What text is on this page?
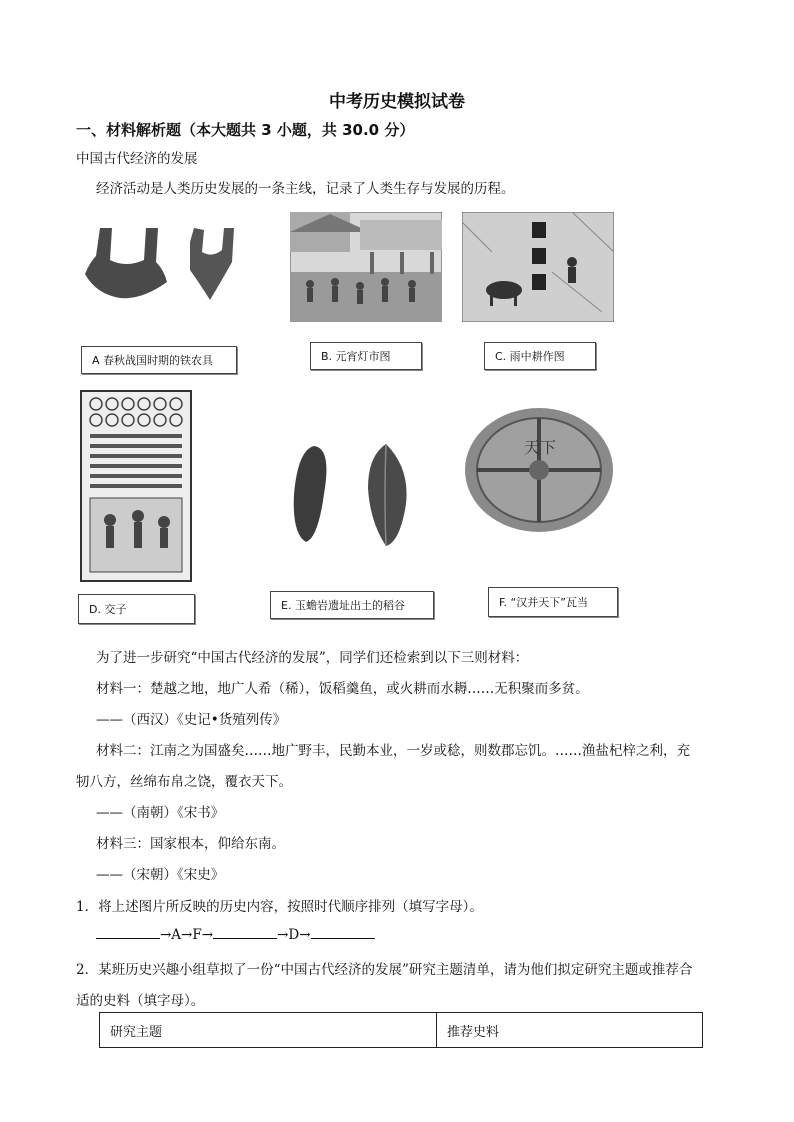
中考历史模拟试卷
一、材料解析题（本大题共 3 小题，共 30.0 分）
中国古代经济的发展
经济活动是人类历史发展的一条主线，记录了人类生存与发展的历程。
A 春秋战国时期的铁农具	B. 元宵灯市图	C. 雨中耕作图
D. 交子	E. 玉蟾岩遗址出土的稻谷
天下
F. “汉并天下”瓦当
为了进一步研究“中国古代经济的发展”，同学们还检索到以下三则材料：
材料一：楚越之地，地广人希（稀），饭稻羹鱼，或火耕而水耨……无积聚而多贫。
——（西汉）《史记•货殖列传》
材料二：江南之为国盛矣……地广野丰，民勤本业，一岁或稔，则数郡忘饥。……渔盐杞梓之利，充
牣八方，丝绵布帛之饶，覆衣天下。
——（南朝）《宋书》
材料三：国家根本，仰给东南。
——（宋朝）《宋史》
1．将上述图片所反映的历史内容，按照时代顺序排列（填写字母）。
→A→F→	→D→
2．某班历史兴趣小组草拟了一份“中国古代经济的发展”研究主题清单，请为他们拟定研究主题或推荐合
适的史料（填字母）。
研究主题	推荐史料
